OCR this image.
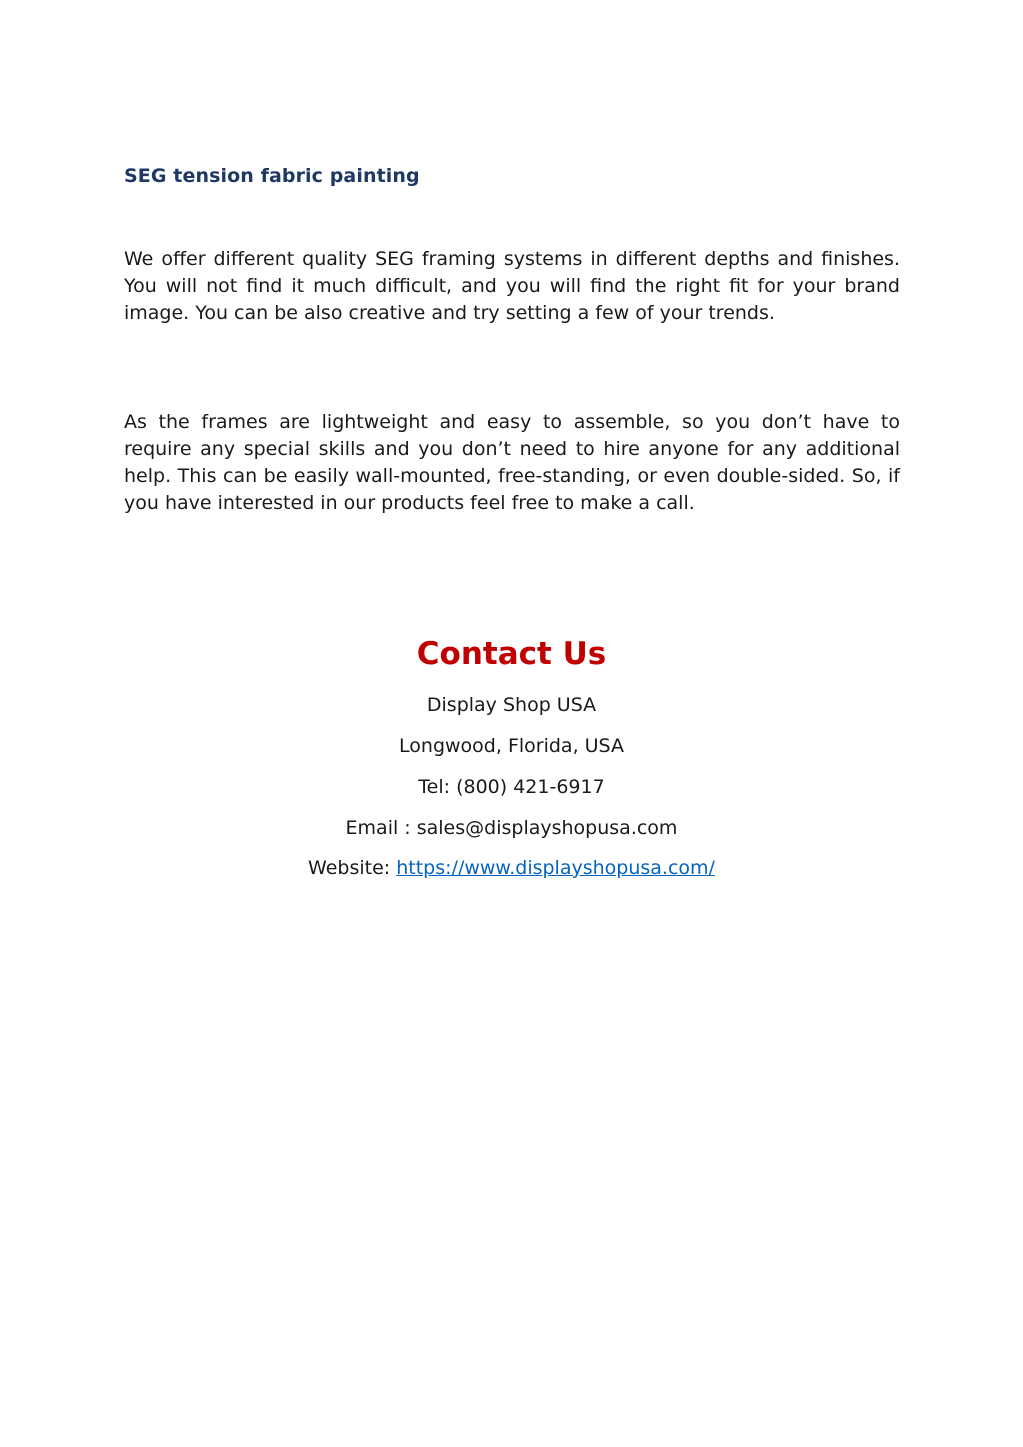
SEG tension fabric painting

We offer different quality SEG framing systems in different depths and finishes. You will not find it much difficult, and you will find the right fit for your brand image. You can be also creative and try setting a few of your trends.

As the frames are lightweight and easy to assemble, so you don’t have to require any special skills and you don’t need to hire anyone for any additional help. This can be easily wall-mounted, free-standing, or even double-sided. So, if you have interested in our products feel free to make a call.

Contact Us

Display Shop USA

Longwood, Florida, USA

Tel: (800) 421-6917

Email : sales@displayshopusa.com

Website: https://www.displayshopusa.com/
